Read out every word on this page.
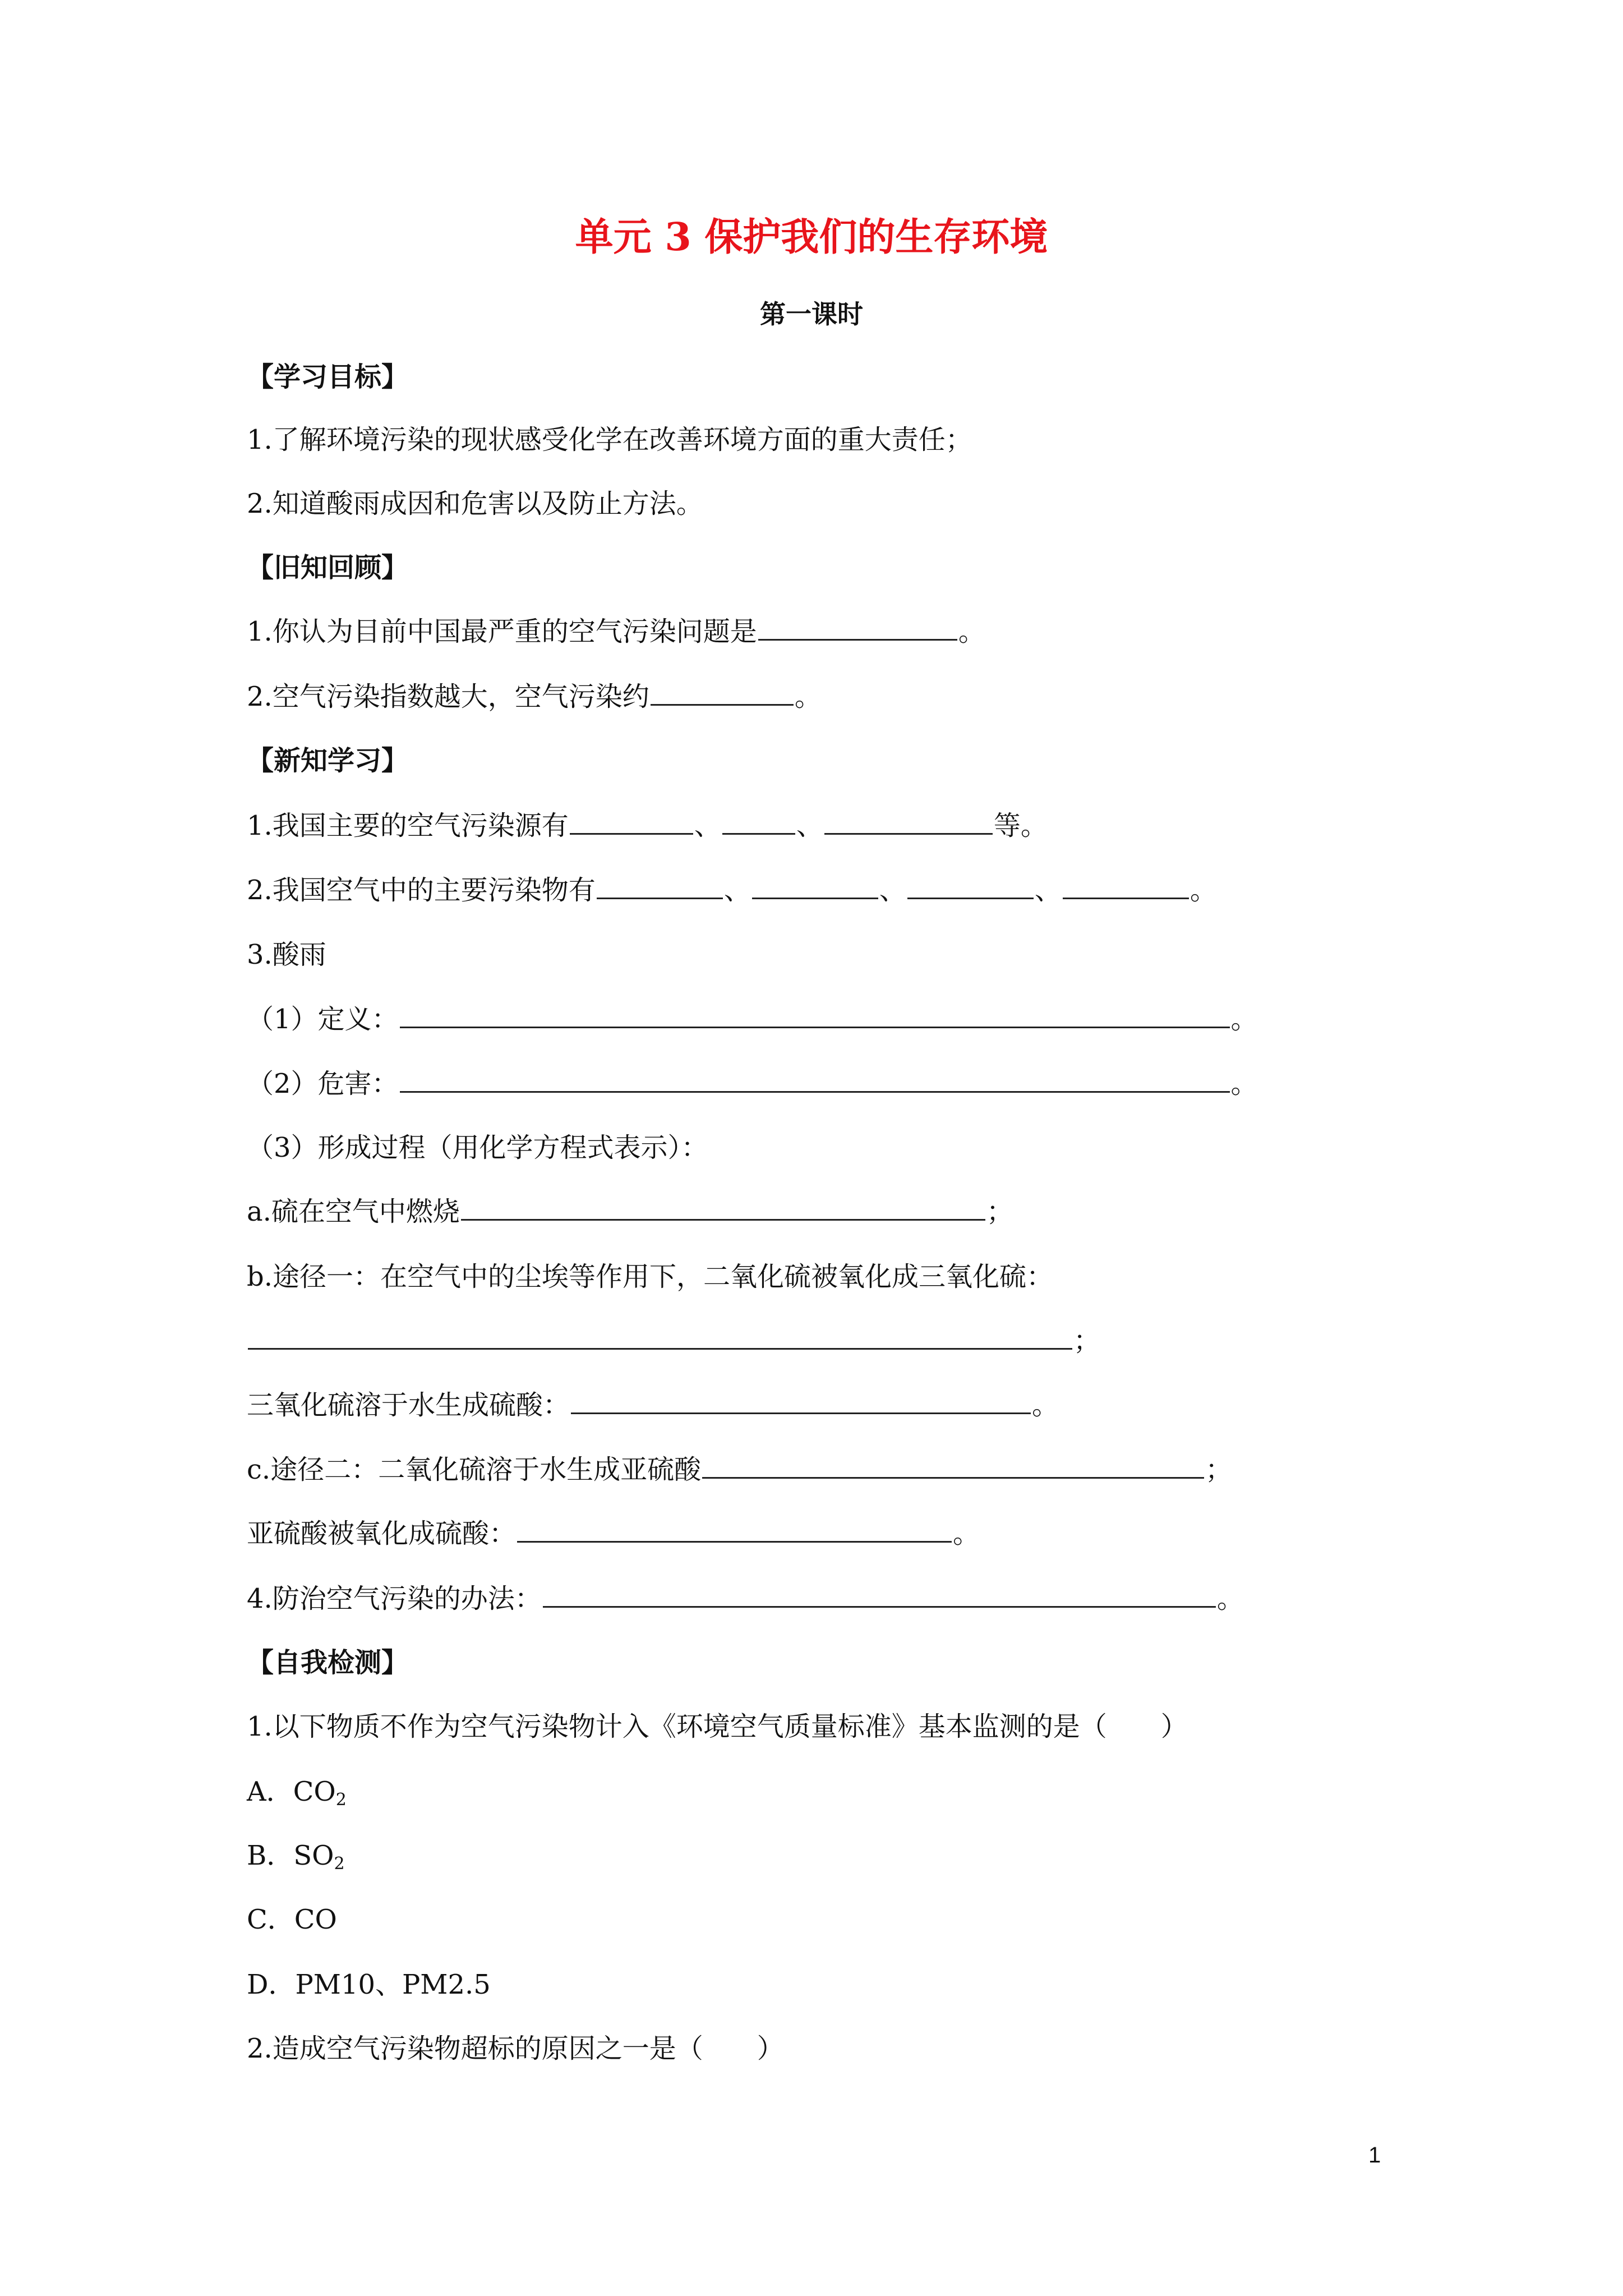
单元 3 保护我们的生存环境
第一课时
【学习目标】
1.了解环境污染的现状感受化学在改善环境方面的重大责任；
2.知道酸雨成因和危害以及防止方法。
【旧知回顾】
1.你认为目前中国最严重的空气污染问题是	。
2.空气污染指数越大，空气污染约	。
【新知学习】
1.我国主要的空气污染源有	、	、	等。
2.我国空气中的主要污染物有	、	、	、	。
3.酸雨
（1）定义：	。
（2）危害：	。
（3）形成过程（用化学方程式表示）：
a.硫在空气中燃烧	；
b.途径一：在空气中的尘埃等作用下，二氧化硫被氧化成三氧化硫：
；
三氧化硫溶于水生成硫酸：	。
c.途径二：二氧化硫溶于水生成亚硫酸	；
亚硫酸被氧化成硫酸：	。
4.防治空气污染的办法：	。
【自我检测】
1.以下物质不作为空气污染物计入《环境空气质量标准》基本监测的是（　　）
A．$CO_2$
B．$SO_2$
C．CO
D．PM10、PM2.5
2.造成空气污染物超标的原因之一是（　　）
1
